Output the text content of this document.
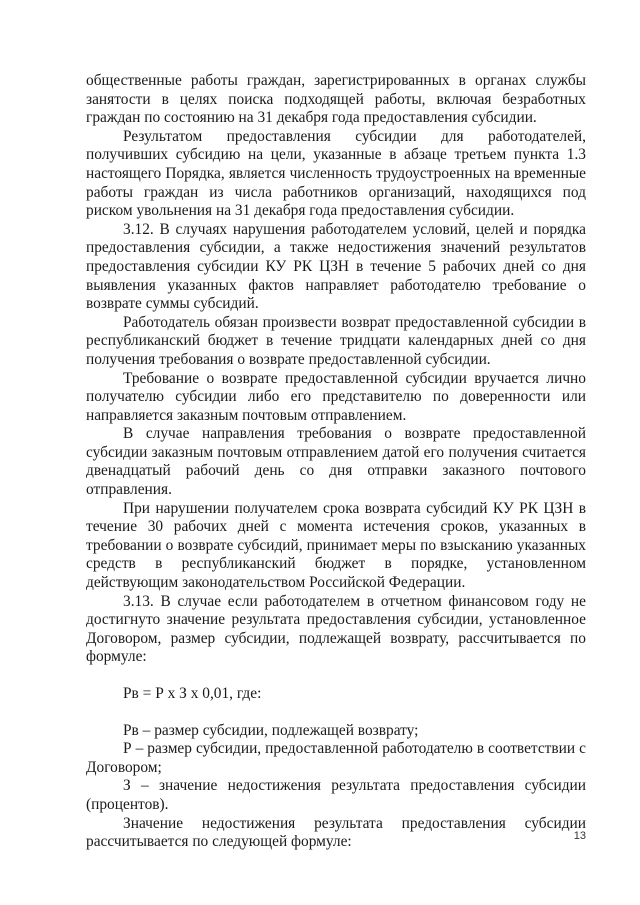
общественные работы граждан, зарегистрированных в органах службы занятости в целях поиска подходящей работы, включая безработных граждан по состоянию на 31 декабря года предоставления субсидии.

Результатом предоставления субсидии для работодателей, получивших субсидию на цели, указанные в абзаце третьем пункта 1.3 настоящего Порядка, является численность трудоустроенных на временные работы граждан из числа работников организаций, находящихся под риском увольнения на 31 декабря года предоставления субсидии.

3.12. В случаях нарушения работодателем условий, целей и порядка предоставления субсидии, а также недостижения значений результатов предоставления субсидии КУ РК ЦЗН в течение 5 рабочих дней со дня выявления указанных фактов направляет работодателю требование о возврате суммы субсидий.

Работодатель обязан произвести возврат предоставленной субсидии в республиканский бюджет в течение тридцати календарных дней со дня получения требования о возврате предоставленной субсидии.

Требование о возврате предоставленной субсидии вручается лично получателю субсидии либо его представителю по доверенности или направляется заказным почтовым отправлением.

В случае направления требования о возврате предоставленной субсидии заказным почтовым отправлением датой его получения считается двенадцатый рабочий день со дня отправки заказного почтового отправления.

При нарушении получателем срока возврата субсидий КУ РК ЦЗН в течение 30 рабочих дней с момента истечения сроков, указанных в требовании о возврате субсидий, принимает меры по взысканию указанных средств в республиканский бюджет в порядке, установленном действующим законодательством Российской Федерации.

3.13. В случае если работодателем в отчетном финансовом году не достигнуто значение результата предоставления субсидии, установленное Договором, размер субсидии, подлежащей возврату, рассчитывается по формуле:

Рв = Р х З х 0,01, где:

Рв – размер субсидии, подлежащей возврату;

Р – размер субсидии, предоставленной работодателю в соответствии с Договором;

З – значение недостижения результата предоставления субсидии (процентов).

Значение недостижения результата предоставления субсидии рассчитывается по следующей формуле:	13
